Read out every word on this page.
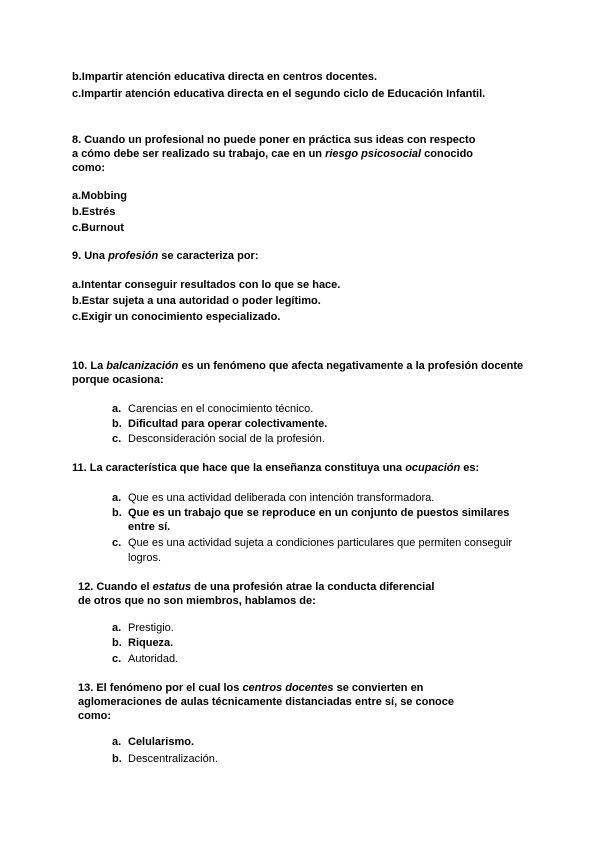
b.Impartir atención educativa directa en centros docentes.
c.Impartir atención educativa directa en el segundo ciclo de Educación Infantil.
8. Cuando un profesional no puede poner en práctica sus ideas con respecto
a cómo debe ser realizado su trabajo, cae en un riesgo psicosocial conocido
como:
a.Mobbing
b.Estrés
c.Burnout
9. Una profesión se caracteriza por:
a.Intentar conseguir resultados con lo que se hace.
b.Estar sujeta a una autoridad o poder legítimo.
c.Exigir un conocimiento especializado.
10. La balcanización es un fenómeno que afecta negativamente a la profesión docente
porque ocasiona:
a. Carencias en el conocimiento técnico.
b. Dificultad para operar colectivamente.
c. Desconsideración social de la profesión.
11. La característica que hace que la enseñanza constituya una ocupación es:
a. Que es una actividad deliberada con intención transformadora.
b. Que es un trabajo que se reproduce en un conjunto de puestos similares
entre sí.
c. Que es una actividad sujeta a condiciones particulares que permiten conseguir
logros.
12. Cuando el estatus de una profesión atrae la conducta diferencial
de otros que no son miembros, hablamos de:
a. Prestigio.
b. Riqueza.
c. Autoridad.
13. El fenómeno por el cual los centros docentes se convierten en
aglomeraciones de aulas técnicamente distanciadas entre sí, se conoce
como:
a. Celularismo.
b. Descentralización.
